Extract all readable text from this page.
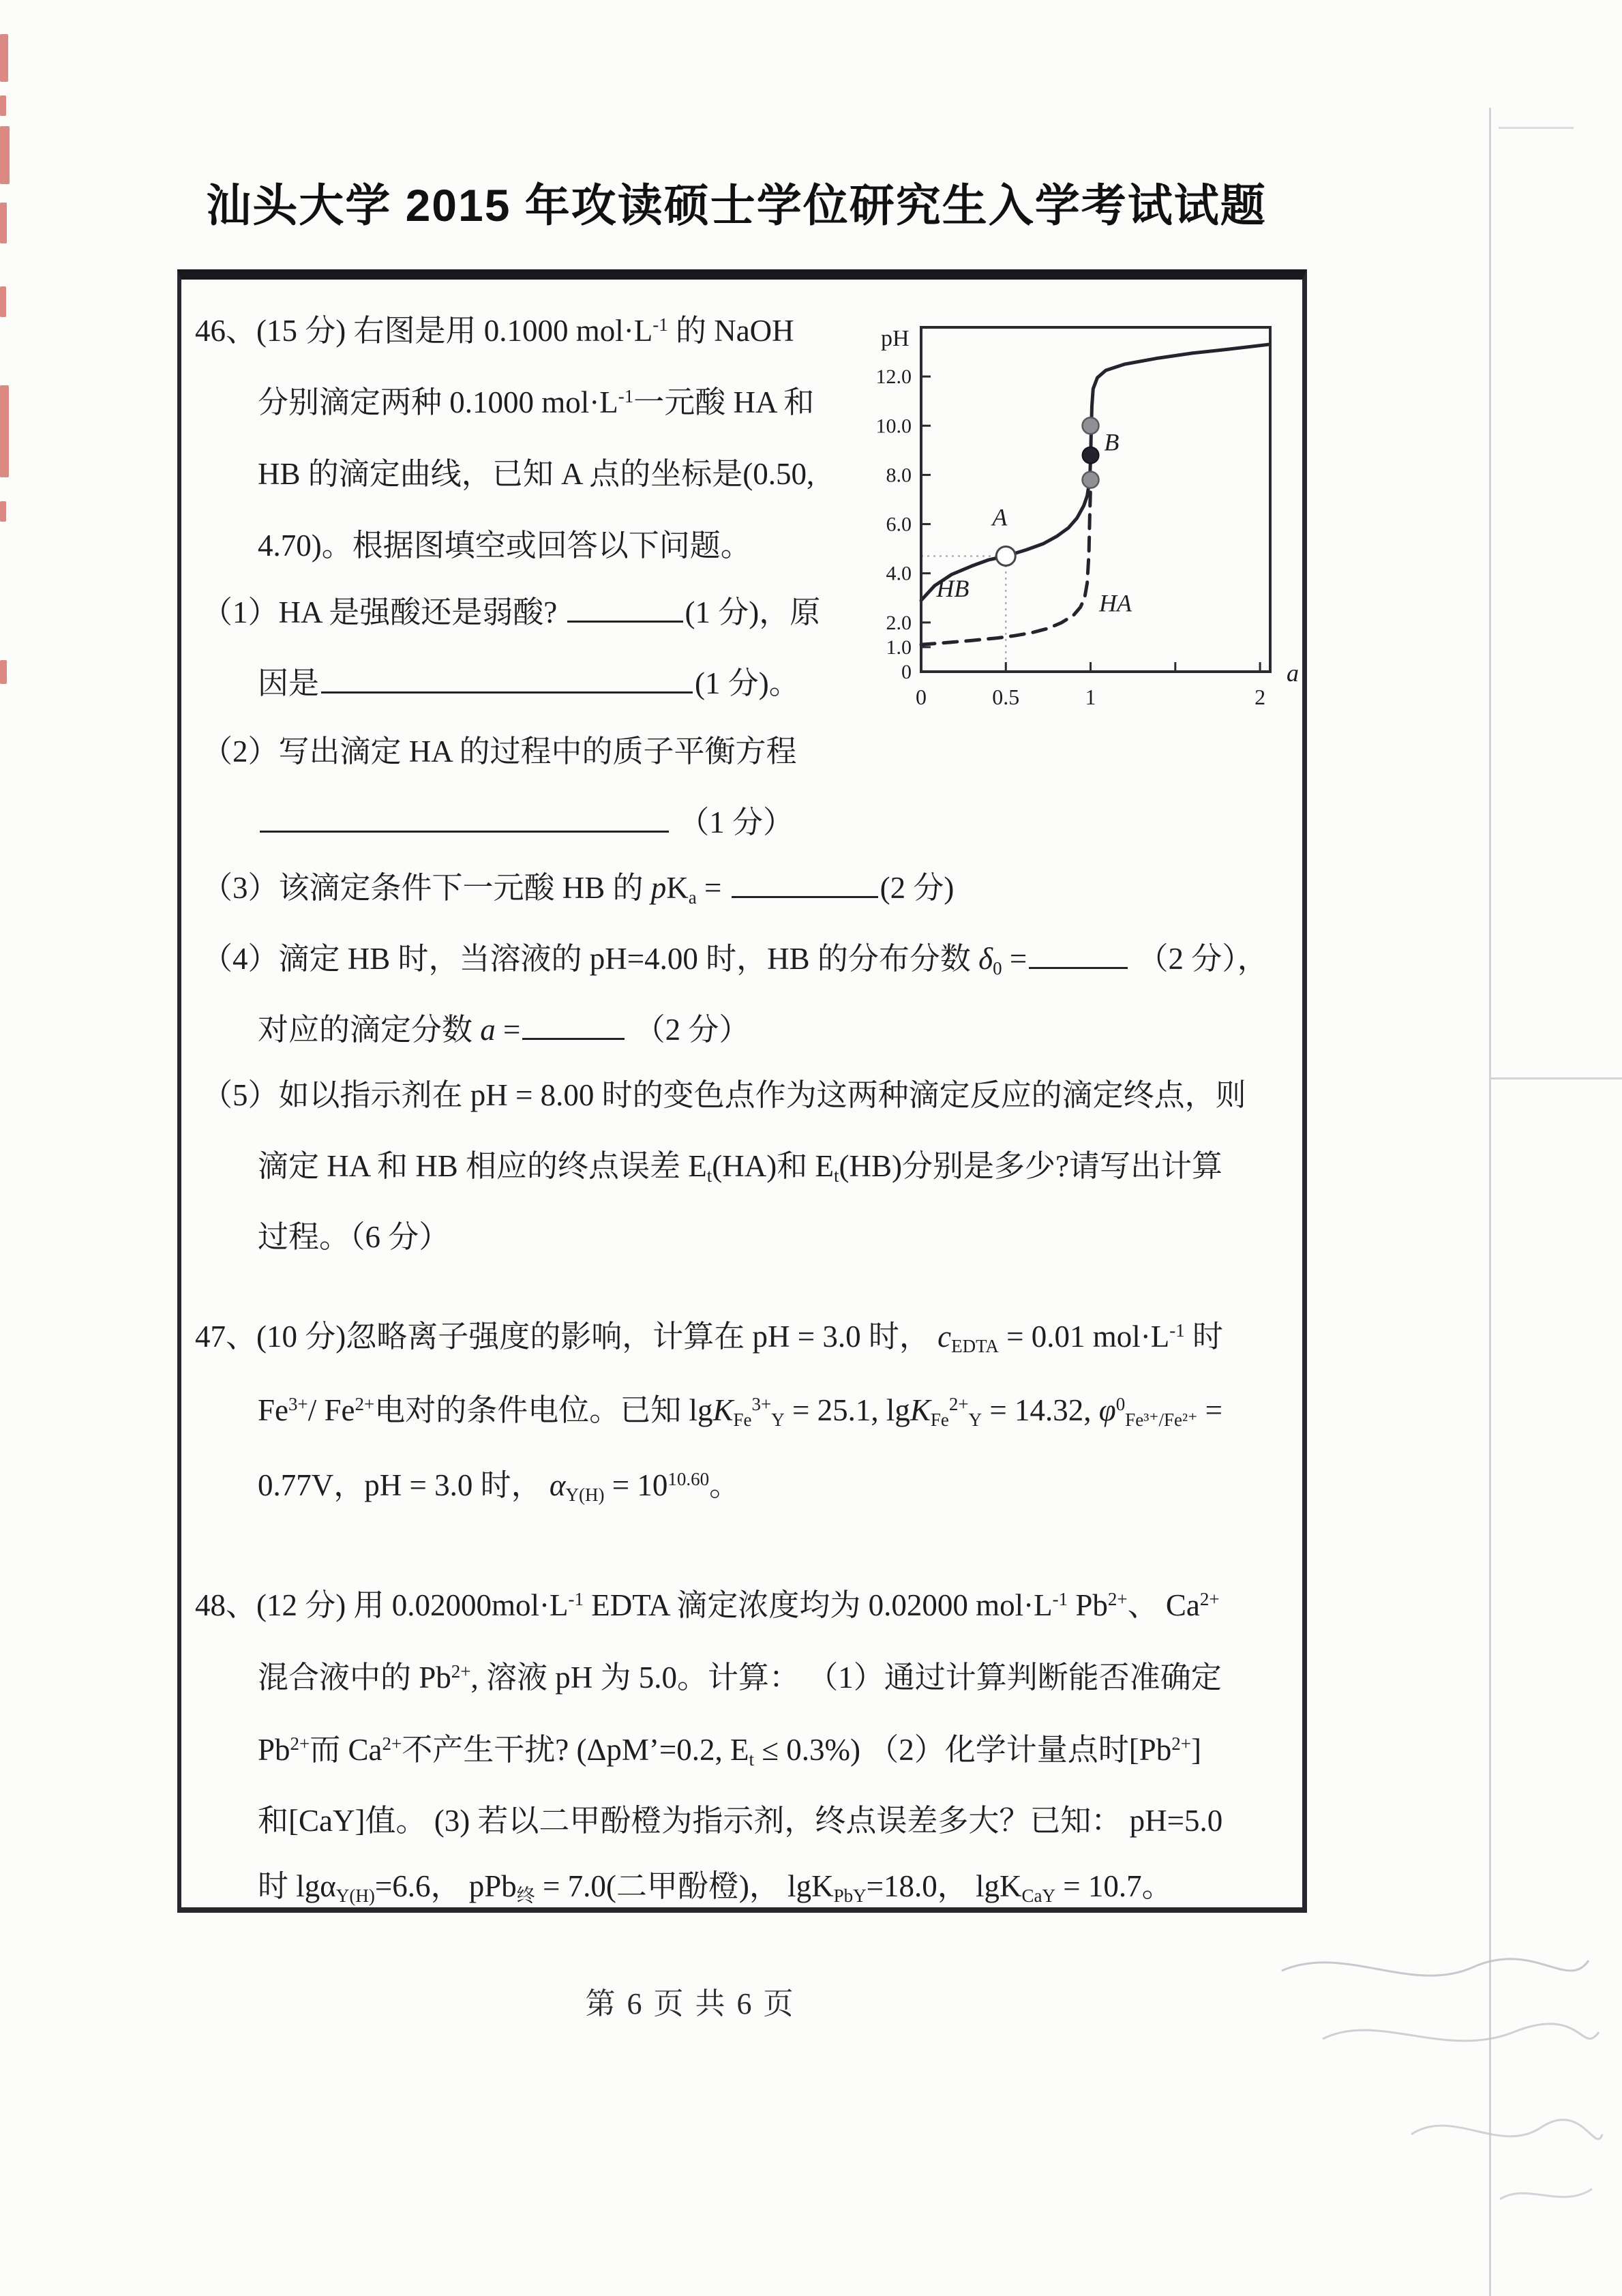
汕头大学 2015 年攻读硕士学位研究生入学考试试题
46、(15 分) 右图是用 0.1000 $mol\cdot L^{-1}$ 的 NaOH
分别滴定两种 0.1000 $mol\cdot L^{-1}$一元酸 HA 和
HB 的滴定曲线，已知 A 点的坐标是(0.50,
4.70)。根据图填空或回答以下问题。
（1）HA 是强酸还是弱酸?	(1 分)，原
因是	(1 分)。
（2）写出滴定 HA 的过程中的质子平衡方程
（1 分）
（3）该滴定条件下一元酸 HB 的 $pK_a$ =	(2 分)
（4）滴定 HB 时，当溶液的 pH=4.00 时，HB 的分布分数 $\delta_0$ =	（2 分），
对应的滴定分数 a =	（2 分）
（5）如以指示剂在 pH = 8.00 时的变色点作为这两种滴定反应的滴定终点，则
滴定 HA 和 HB 相应的终点误差 $E_t(HA)$和 $E_t(HB)$分别是多少?请写出计算
过程。（6 分）
0
1.0
2.0
4.0
6.0
8.0
10.0
12.0
0	0.5	1	2
pH
a
HB
HA
A
B
47、(10 分)忽略离子强度的影响，计算在 pH = 3.0 时， $c_{EDTA} = 0.01$ $mol\cdot L^{-1}$ 时
$Fe^{3+}/$ $Fe^{2+}$电对的条件电位。已知 lgK$_{Fe}^{3+}_Y$ = 25.1, lgK$_{Fe}^{2+}_Y$ = 14.32, $\varphi^0_{Fe^{3+}/Fe^{2+}}$ =
0.77V，pH = 3.0 时， $\alpha_{Y(H)} = 10^{10.60}$。
48、(12 分) 用 $0.02000mol\cdot L^{-1}$ EDTA 滴定浓度均为 0.02000 $mol\cdot L^{-1}$ $Pb^{2+}$、 $Ca^{2+}$
混合液中的 $Pb^{2+}$, 溶液 pH 为 5.0。计算： （1）通过计算判断能否准确定
$Pb^{2+}$而 $Ca^{2+}$不产生干扰? (ΔpM’=0.2, $E_t \le 0.3\%$) （2）化学计量点时$[Pb^{2+}]$
和[CaY]值。 (3) 若以二甲酚橙为指示剂，终点误差多大？已知： pH=5.0
时 lgα$_{Y(H)}$=6.6， pPb$_终$ = 7.0(二甲酚橙)， lgK$_{PbY}$=18.0， lgK$_{CaY}$ = 10.7。
第 6 页 共 6 页
